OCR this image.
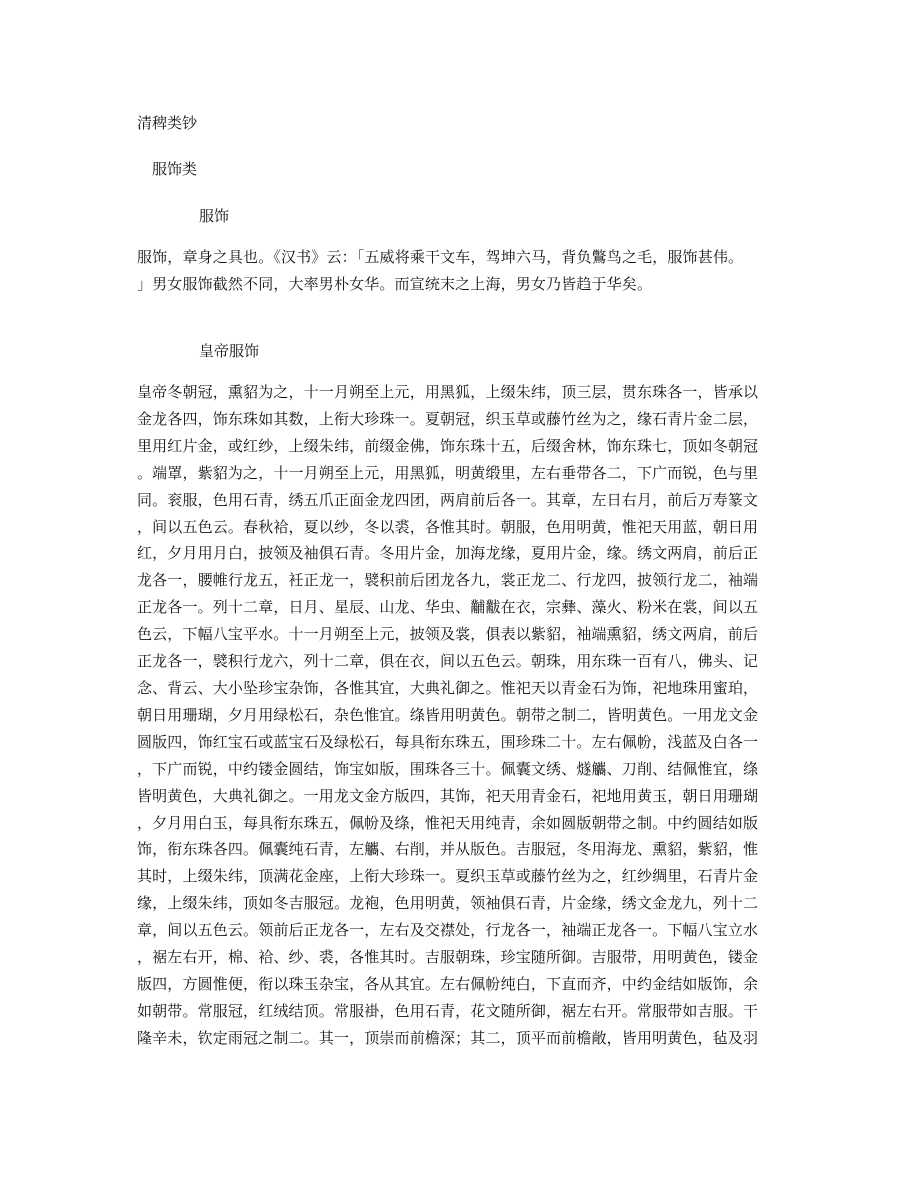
清稗类钞
服饰类
服饰
服饰，章身之具也。《汉书》云：「五威将乘干文车，驾坤六马，背负鷩鸟之毛，服饰甚伟。
」男女服饰截然不同，大率男朴女华。而宣统末之上海，男女乃皆趋于华矣。
皇帝服饰
皇帝冬朝冠，熏貂为之，十一月朔至上元，用黑狐，上缀朱纬，顶三层，贯东珠各一，皆承以
金龙各四，饰东珠如其数，上衔大珍珠一。夏朝冠，织玉草或藤竹丝为之，缘石青片金二层，
里用红片金，或红纱，上缀朱纬，前缀金佛，饰东珠十五，后缀舍林，饰东珠七，顶如冬朝冠
。端罩，紫貂为之，十一月朔至上元，用黑狐，明黄缎里，左右垂带各二，下广而锐，色与里
同。衮服，色用石青，绣五爪正面金龙四团，两肩前后各一。其章，左日右月，前后万寿篆文
，间以五色云。春秋袷，夏以纱，冬以裘，各惟其时。朝服，色用明黄，惟祀天用蓝，朝日用
红，夕月用月白，披领及袖俱石青。冬用片金，加海龙缘，夏用片金，缘。绣文两肩，前后正
龙各一，腰帷行龙五，衽正龙一，襞积前后团龙各九，裳正龙二、行龙四，披领行龙二，袖端
正龙各一。列十二章，日月、星辰、山龙、华虫、黼黻在衣，宗彝、藻火、粉米在裳，间以五
色云，下幅八宝平水。十一月朔至上元，披领及裳，俱表以紫貂，袖端熏貂，绣文两肩，前后
正龙各一，襞积行龙六，列十二章，俱在衣，间以五色云。朝珠，用东珠一百有八，佛头、记
念、背云、大小坠珍宝杂饰，各惟其宜，大典礼御之。惟祀天以青金石为饰，祀地珠用蜜珀，
朝日用珊瑚，夕月用绿松石，杂色惟宜。绦皆用明黄色。朝带之制二，皆明黄色。一用龙文金
圆版四，饰红宝石或蓝宝石及绿松石，每具衔东珠五，围珍珠二十。左右佩帉，浅蓝及白各一
，下广而锐，中约镂金圆结，饰宝如版，围珠各三十。佩囊文绣、燧觿、刀削、结佩惟宜，绦
皆明黄色，大典礼御之。一用龙文金方版四，其饰，祀天用青金石，祀地用黄玉，朝日用珊瑚
，夕月用白玉，每具衔东珠五，佩帉及绦，惟祀天用纯青，余如圆版朝带之制。中约圆结如版
饰，衔东珠各四。佩囊纯石青，左觿、右削，并从版色。吉服冠，冬用海龙、熏貂，紫貂，惟
其时，上缀朱纬，顶满花金座，上衔大珍珠一。夏织玉草或藤竹丝为之，红纱绸里，石青片金
缘，上缀朱纬，顶如冬吉服冠。龙袍，色用明黄，领袖俱石青，片金缘，绣文金龙九，列十二
章，间以五色云。领前后正龙各一，左右及交襟处，行龙各一，袖端正龙各一。下幅八宝立水
，裾左右开，棉、袷、纱、裘，各惟其时。吉服朝珠，珍宝随所御。吉服带，用明黄色，镂金
版四，方圆惟便，衔以珠玉杂宝，各从其宜。左右佩帉纯白，下直而齐，中约金结如版饰，余
如朝带。常服冠，红绒结顶。常服褂，色用石青，花文随所御，裾左右开。常服带如吉服。干
隆辛未，钦定雨冠之制二。其一，顶崇而前檐深；其二，顶平而前檐敞，皆用明黄色，毡及羽
